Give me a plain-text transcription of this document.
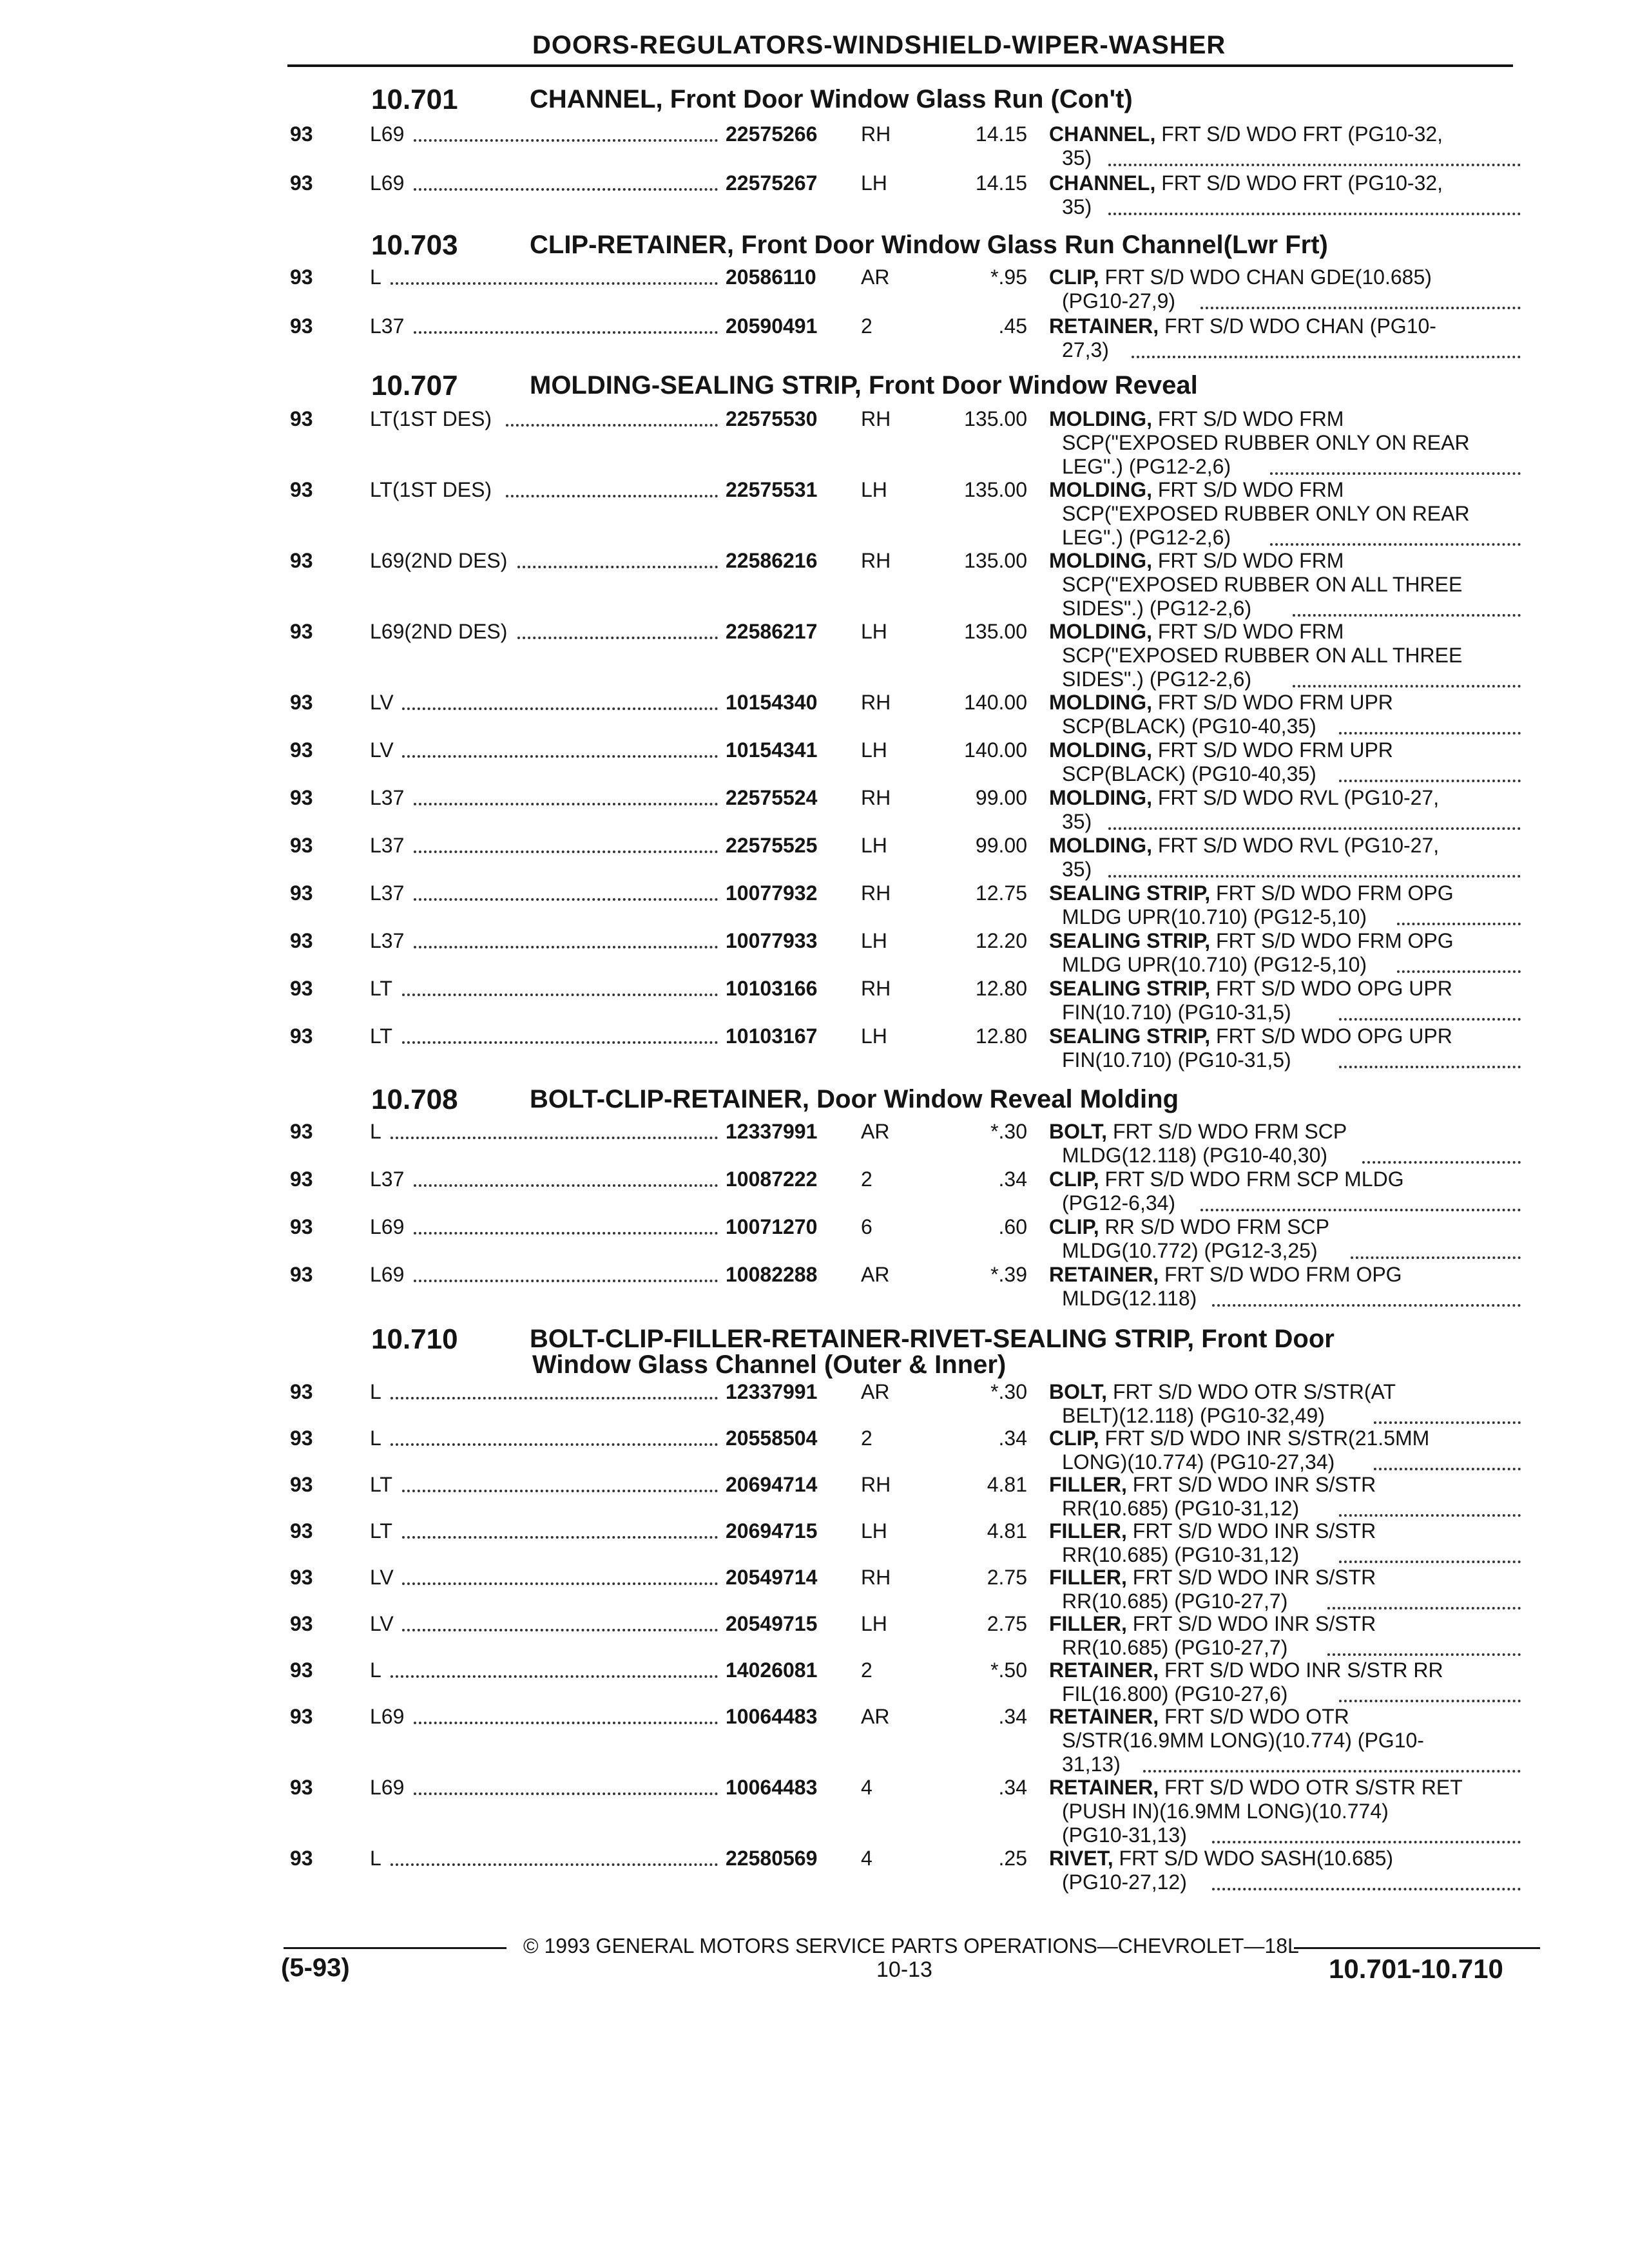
DOORS-REGULATORS-WINDSHIELD-WIPER-WASHER
10.701	CHANNEL, Front Door Window Glass Run (Con't)
93	L69	22575266 RH	14.15 CHANNEL, FRT S/D WDO FRT (PG10-32,
35)
93	L69	22575267 LH	14.15 CHANNEL, FRT S/D WDO FRT (PG10-32,
35)
10.703	CLIP-RETAINER, Front Door Window Glass Run Channel(Lwr Frt)
93	L	20586110 AR	*.95 CLIP, FRT S/D WDO CHAN GDE(10.685)
(PG10-27,9)
93	L37	20590491 2	.45 RETAINER, FRT S/D WDO CHAN (PG10-
27,3)
10.707	MOLDING-SEALING STRIP, Front Door Window Reveal
93	LT(1ST DES)	22575530 RH	135.00 MOLDING, FRT S/D WDO FRM
SCP("EXPOSED RUBBER ONLY ON REAR
LEG".) (PG12-2,6)
93	LT(1ST DES)	22575531 LH	135.00 MOLDING, FRT S/D WDO FRM
SCP("EXPOSED RUBBER ONLY ON REAR
LEG".) (PG12-2,6)
93	L69(2ND DES)	22586216 RH	135.00 MOLDING, FRT S/D WDO FRM
SCP("EXPOSED RUBBER ON ALL THREE
SIDES".) (PG12-2,6)
93	L69(2ND DES)	22586217 LH	135.00 MOLDING, FRT S/D WDO FRM
SCP("EXPOSED RUBBER ON ALL THREE
SIDES".) (PG12-2,6)
93	LV	10154340 RH	140.00 MOLDING, FRT S/D WDO FRM UPR
SCP(BLACK) (PG10-40,35)
93	LV	10154341 LH	140.00 MOLDING, FRT S/D WDO FRM UPR
SCP(BLACK) (PG10-40,35)
93	L37	22575524 RH	99.00 MOLDING, FRT S/D WDO RVL (PG10-27,
35)
93	L37	22575525 LH	99.00 MOLDING, FRT S/D WDO RVL (PG10-27,
35)
93	L37	10077932 RH	12.75 SEALING STRIP, FRT S/D WDO FRM OPG
MLDG UPR(10.710) (PG12-5,10)
93	L37	10077933 LH	12.20 SEALING STRIP, FRT S/D WDO FRM OPG
MLDG UPR(10.710) (PG12-5,10)
93	LT	10103166 RH	12.80 SEALING STRIP, FRT S/D WDO OPG UPR
FIN(10.710) (PG10-31,5)
93	LT	10103167 LH	12.80 SEALING STRIP, FRT S/D WDO OPG UPR
FIN(10.710) (PG10-31,5)
10.708	BOLT-CLIP-RETAINER, Door Window Reveal Molding
93	L	12337991 AR	*.30 BOLT, FRT S/D WDO FRM SCP
MLDG(12.118) (PG10-40,30)
93	L37	10087222 2	.34 CLIP, FRT S/D WDO FRM SCP MLDG
(PG12-6,34)
93	L69	10071270 6	.60 CLIP, RR S/D WDO FRM SCP
MLDG(10.772) (PG12-3,25)
93	L69	10082288 AR	*.39 RETAINER, FRT S/D WDO FRM OPG
MLDG(12.118)
10.710	BOLT-CLIP-FILLER-RETAINER-RIVET-SEALING STRIP, Front Door
Window Glass Channel (Outer & Inner)
93	L	12337991 AR	*.30 BOLT, FRT S/D WDO OTR S/STR(AT
BELT)(12.118) (PG10-32,49)
93	L	20558504 2	.34 CLIP, FRT S/D WDO INR S/STR(21.5MM
LONG)(10.774) (PG10-27,34)
93	LT	20694714 RH	4.81 FILLER, FRT S/D WDO INR S/STR
RR(10.685) (PG10-31,12)
93	LT	20694715 LH	4.81 FILLER, FRT S/D WDO INR S/STR
RR(10.685) (PG10-31,12)
93	LV	20549714 RH	2.75 FILLER, FRT S/D WDO INR S/STR
RR(10.685) (PG10-27,7)
93	LV	20549715 LH	2.75 FILLER, FRT S/D WDO INR S/STR
RR(10.685) (PG10-27,7)
93	L	14026081 2	*.50 RETAINER, FRT S/D WDO INR S/STR RR
FIL(16.800) (PG10-27,6)
93	L69	10064483 AR	.34 RETAINER, FRT S/D WDO OTR
S/STR(16.9MM LONG)(10.774) (PG10-
31,13)
93	L69	10064483 4	.34 RETAINER, FRT S/D WDO OTR S/STR RET
(PUSH IN)(16.9MM LONG)(10.774)
(PG10-31,13)
93	L	22580569 4	.25 RIVET, FRT S/D WDO SASH(10.685)
(PG10-27,12)
© 1993 GENERAL MOTORS SERVICE PARTS OPERATIONS—CHEVROLET—18L
(5-93)	10-13	10.701-10.710
